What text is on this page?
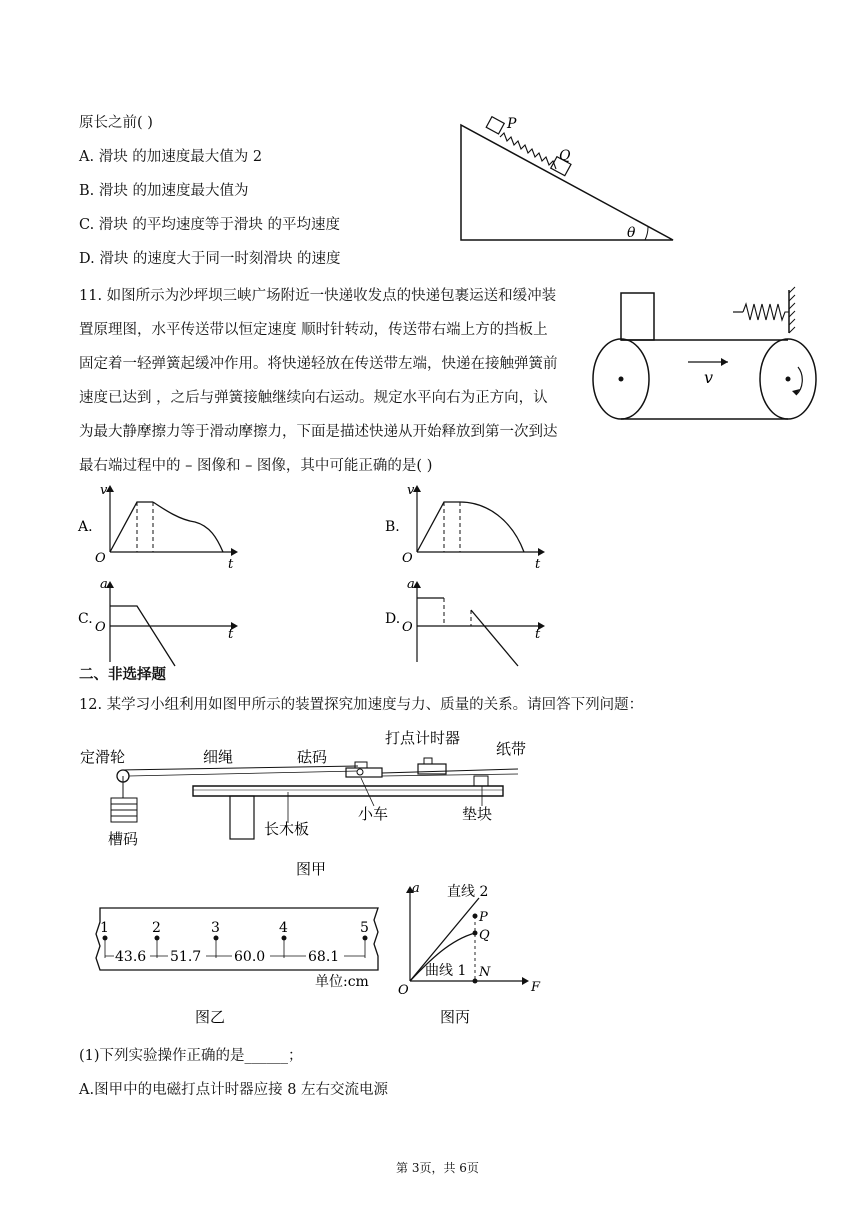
原长之前( )
A. 滑块 的加速度最大值为 2
B. 滑块 的加速度最大值为
C. 滑块 的平均速度等于滑块 的平均速度
D. 滑块 的速度大于同一时刻滑块 的速度
P
Q
θ
11. 如图所示为沙坪坝三峡广场附近一快递收发点的快递包裹运送和缓冲装
置原理图，水平传送带以恒定速度 顺时针转动，传送带右端上方的挡板上
固定着一轻弹簧起缓冲作用。将快递轻放在传送带左端，快递在接触弹簧前
速度已达到 ，之后与弹簧接触继续向右运动。规定水平向右为正方向，认
为最大静摩擦力等于滑动摩擦力，下面是描述快递从开始释放到第一次到达
最右端过程中的 – 图像和 – 图像，其中可能正确的是( )
v
A.
v
O	t
B.
v
O	t
C.
a
O	t
D.
a
O	t
二、非选择题
12. 某学习小组利用如图甲所示的装置探究加速度与力、质量的关系。请回答下列问题：
定滑轮	细绳	砝码
打点计时器
纸带
槽码
长木板
小车	垫块
图甲
1	2	3	4	5
43.6 51.7 60.0	68.1
单位:cm
图乙
a
F
O
P
Q
N
直线 2
曲线 1
图丙
(1)下列实验操作正确的是______；
A.图甲中的电磁打点计时器应接 8 左右交流电源
第 3页，共 6页
